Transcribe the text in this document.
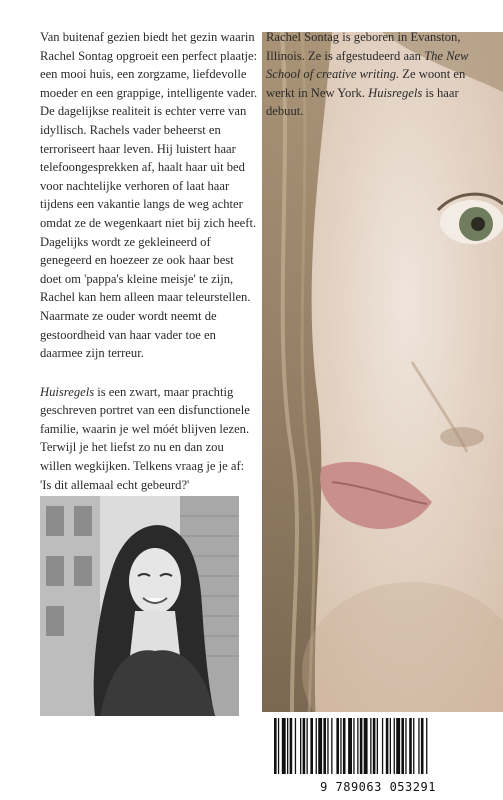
Van buitenaf gezien biedt het gezin waarin Rachel Sontag opgroeit een perfect plaatje: een mooi huis, een zorgzame, liefdevolle moeder en een grappige, intelligente vader. De dagelijkse realiteit is echter verre van idyllisch. Rachels vader beheerst en terroriseert haar leven. Hij luistert haar telefoongesprekken af, haalt haar uit bed voor nachtelijke verhoren of laat haar tijdens een vakantie langs de weg achter omdat ze de wegenkaart niet bij zich heeft. Dagelijks wordt ze gekleineerd of genegeerd en hoezeer ze ook haar best doet om 'pappa's kleine meisje' te zijn, Rachel kan hem alleen maar teleurstellen. Naarmate ze ouder wordt neemt de gestoordheid van haar vader toe en daarmee zijn terreur.

Huisregels is een zwart, maar prachtig geschreven portret van een disfunctionele familie, waarin je wel móét blijven lezen. Terwijl je het liefst zo nu en dan zou willen wegkijken. Telkens vraag je je af: 'Is dit allemaal echt gebeurd?'

Rachel Sontag is geboren in Evanston, Illinois. Ze is afgestudeerd aan The New School of creative writing. Ze woont en werkt in New York. Huisregels is haar debuut.

9 789063 053291
